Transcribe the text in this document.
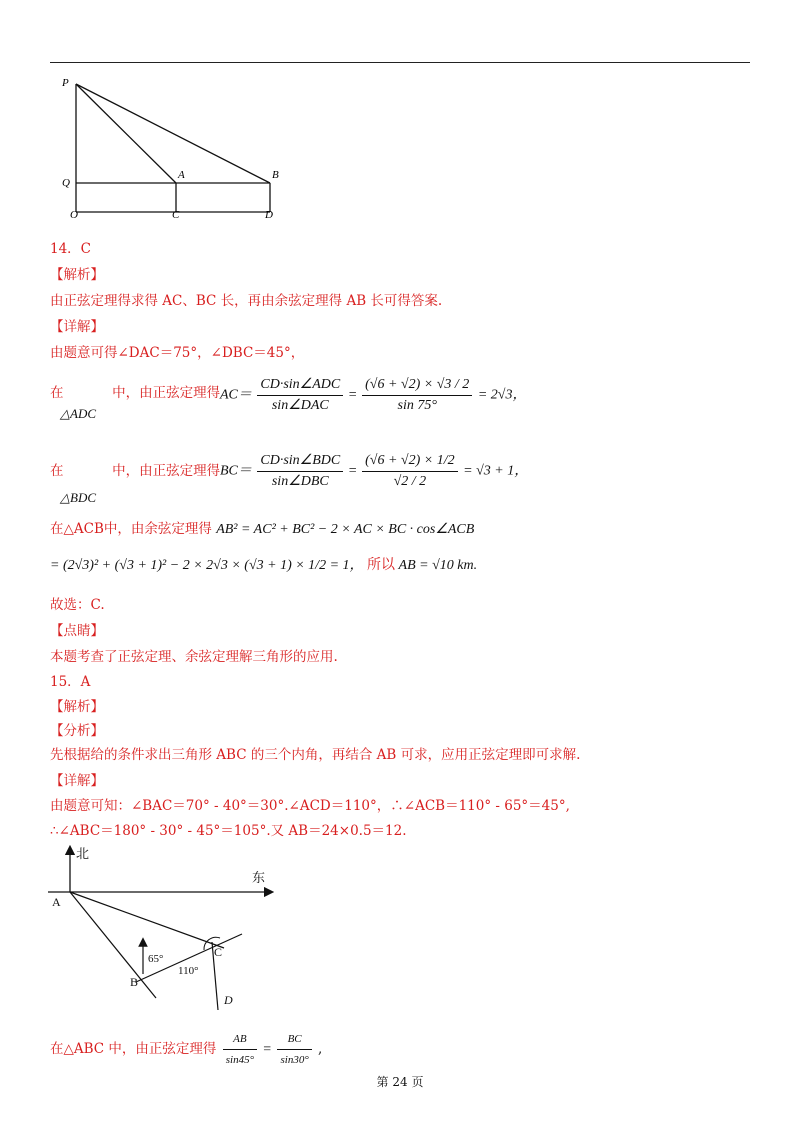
P
Q
A	B
O	C	D
14．C
【解析】
由正弦定理得求得 AC、BC 长，再由余弦定理得 AB 长可得答案.
【详解】
由题意可得∠DAC＝75°，∠DBC＝45°，
在	中，由正弦定理得
△ADC
$AC= \frac{\text{CD·sin∠ADC}}{\text{sin∠DAC}} = \frac{(√6 + √2) \times √3 / 2}{\sin 75^\circ} = 2√3$，
在	中，由正弦定理得
△BDC
$BC= \frac{\text{CD·sin∠BDC}}{\text{sin∠DBC}} = \frac{(√6 + √2) \times 1/2}{√2 / 2} = √3 + 1$，
在△ACB中，由余弦定理得 AB² = AC² + BC² − 2 × AC × BC · cos∠ACB
= (2√3)² + (√3 + 1)² − 2 × 2√3 × (√3 + 1) × 1/2 = 1， 所以 AB = √10 km.
故选：C.
【点睛】
本题考查了正弦定理、余弦定理解三角形的应用.
15．A
【解析】
【分析】
先根据给的条件求出三角形 ABC 的三个内角，再结合 AB 可求，应用正弦定理即可求解.
【详解】
由题意可知：∠BAC＝70° - 40°＝30°.∠ACD＝110°，∴∠ACB＝110° - 65°＝45°,
∴∠ABC＝180° - 30° - 45°＝105°.又 AB＝24×0.5＝12.
北
东
A
B
C
D
65°
110°
在△ABC 中，由正弦定理得 $\frac{AB}{\sin 45^\circ} = \frac{BC}{\sin 30^\circ}$ ,
第 24 页
